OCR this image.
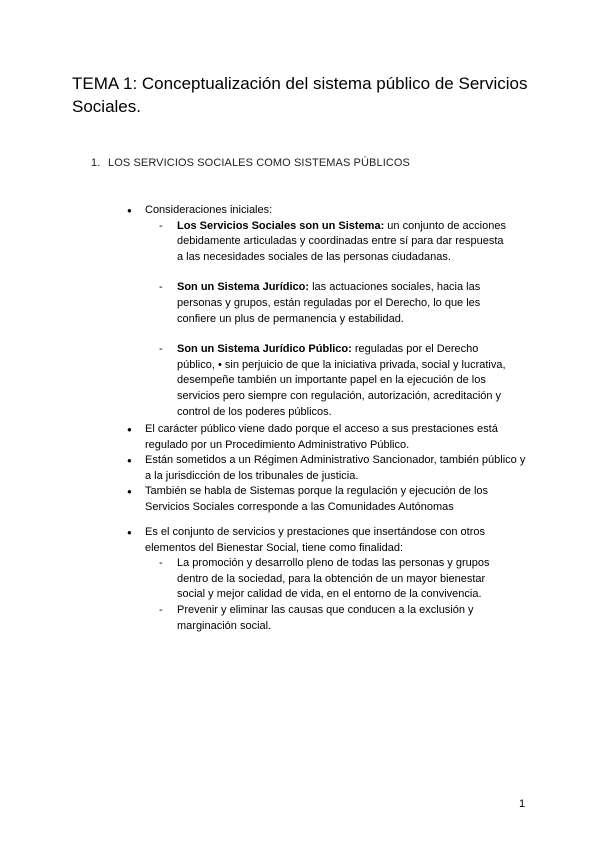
TEMA 1: Conceptualización del sistema público de Servicios Sociales.
1. LOS SERVICIOS SOCIALES COMO SISTEMAS PÚBLICOS
● Consideraciones iniciales:
- Los Servicios Sociales son un Sistema: un conjunto de acciones debidamente articuladas y coordinadas entre sí para dar respuesta a las necesidades sociales de las personas ciudadanas.
- Son un Sistema Jurídico: las actuaciones sociales, hacia las personas y grupos, están reguladas por el Derecho, lo que les confiere un plus de permanencia y estabilidad.
- Son un Sistema Jurídico Público: reguladas por el Derecho público, • sin perjuicio de que la iniciativa privada, social y lucrativa, desempeñe también un importante papel en la ejecución de los servicios pero siempre con regulación, autorización, acreditación y control de los poderes públicos.
● El carácter público viene dado porque el acceso a sus prestaciones está regulado por un Procedimiento Administrativo Público.
● Están sometidos a un Régimen Administrativo Sancionador, también público y a la jurisdicción de los tribunales de justicia.
● También se habla de Sistemas porque la regulación y ejecución de los Servicios Sociales corresponde a las Comunidades Autónomas
● Es el conjunto de servicios y prestaciones que insertándose con otros elementos del Bienestar Social, tiene como finalidad:
- La promoción y desarrollo pleno de todas las personas y grupos dentro de la sociedad, para la obtención de un mayor bienestar social y mejor calidad de vida, en el entorno de la convivencia.
- Prevenir y eliminar las causas que conducen a la exclusión y marginación social.
1
